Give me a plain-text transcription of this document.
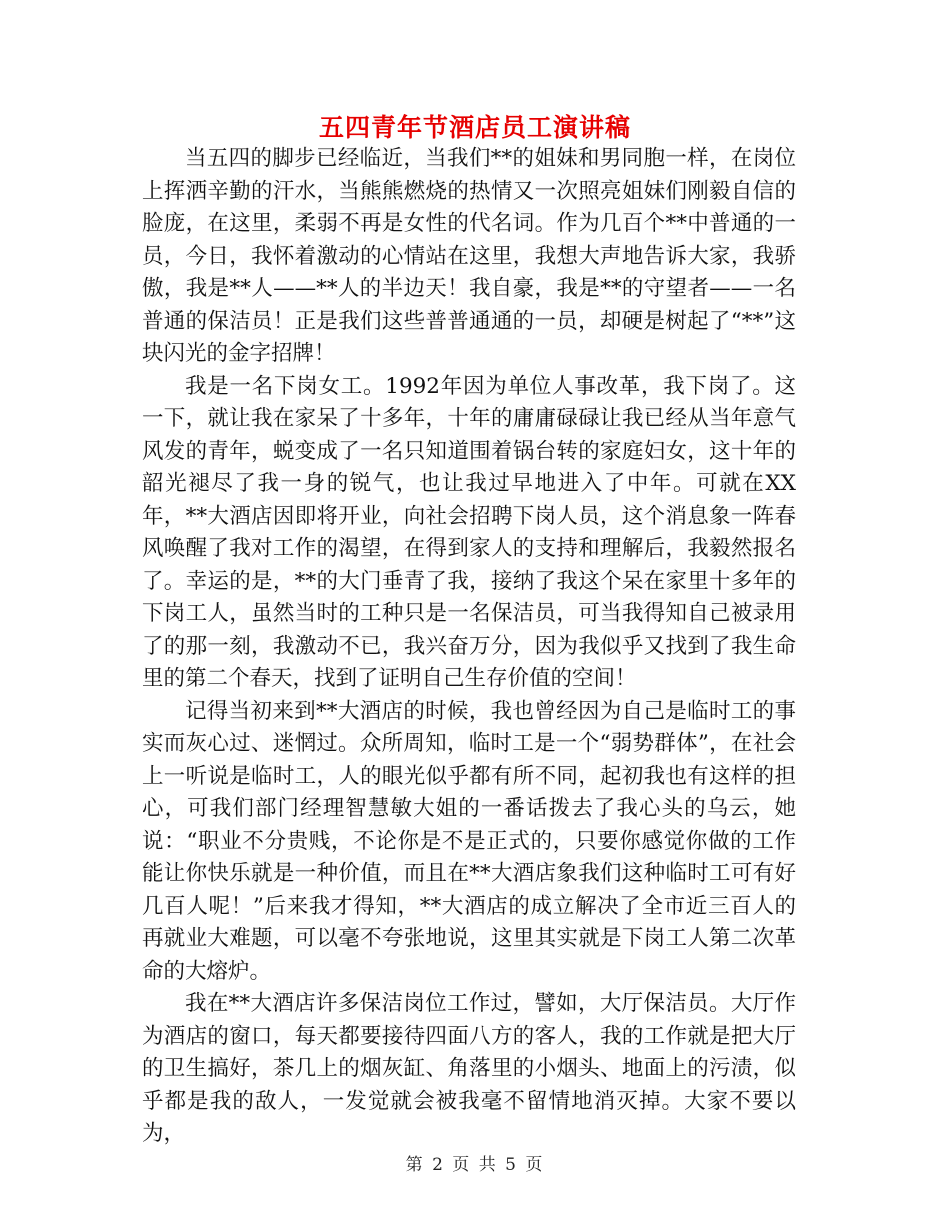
五四青年节酒店员工演讲稿

当五四的脚步已经临近，当我们**的姐妹和男同胞一样，在岗位上挥洒辛勤的汗水，当熊熊燃烧的热情又一次照亮姐妹们刚毅自信的脸庞，在这里，柔弱不再是女性的代名词。作为几百个**中普通的一员，今日，我怀着激动的心情站在这里，我想大声地告诉大家，我骄傲，我是**人——**人的半边天！我自豪，我是**的守望者——一名普通的保洁员！正是我们这些普普通通的一员，却硬是树起了“**”这块闪光的金字招牌！

我是一名下岗女工。1992年因为单位人事改革，我下岗了。这一下，就让我在家呆了十多年，十年的庸庸碌碌让我已经从当年意气风发的青年，蜕变成了一名只知道围着锅台转的家庭妇女，这十年的韶光褪尽了我一身的锐气，也让我过早地进入了中年。可就在XX年，**大酒店因即将开业，向社会招聘下岗人员，这个消息象一阵春风唤醒了我对工作的渴望，在得到家人的支持和理解后，我毅然报名了。幸运的是，**的大门垂青了我，接纳了我这个呆在家里十多年的下岗工人，虽然当时的工种只是一名保洁员，可当我得知自己被录用了的那一刻，我激动不已，我兴奋万分，因为我似乎又找到了我生命里的第二个春天，找到了证明自己生存价值的空间！

记得当初来到**大酒店的时候，我也曾经因为自己是临时工的事实而灰心过、迷惘过。众所周知，临时工是一个“弱势群体”，在社会上一听说是临时工，人的眼光似乎都有所不同，起初我也有这样的担心，可我们部门经理智慧敏大姐的一番话拨去了我心头的乌云，她说：“职业不分贵贱，不论你是不是正式的，只要你感觉你做的工作能让你快乐就是一种价值，而且在**大酒店象我们这种临时工可有好几百人呢！”后来我才得知，**大酒店的成立解决了全市近三百人的再就业大难题，可以毫不夸张地说，这里其实就是下岗工人第二次革命的大熔炉。

我在**大酒店许多保洁岗位工作过，譬如，大厅保洁员。大厅作为酒店的窗口，每天都要接待四面八方的客人，我的工作就是把大厅的卫生搞好，茶几上的烟灰缸、角落里的小烟头、地面上的污渍，似乎都是我的敌人，一发觉就会被我毫不留情地消灭掉。大家不要以为，

第 2 页 共 5 页
